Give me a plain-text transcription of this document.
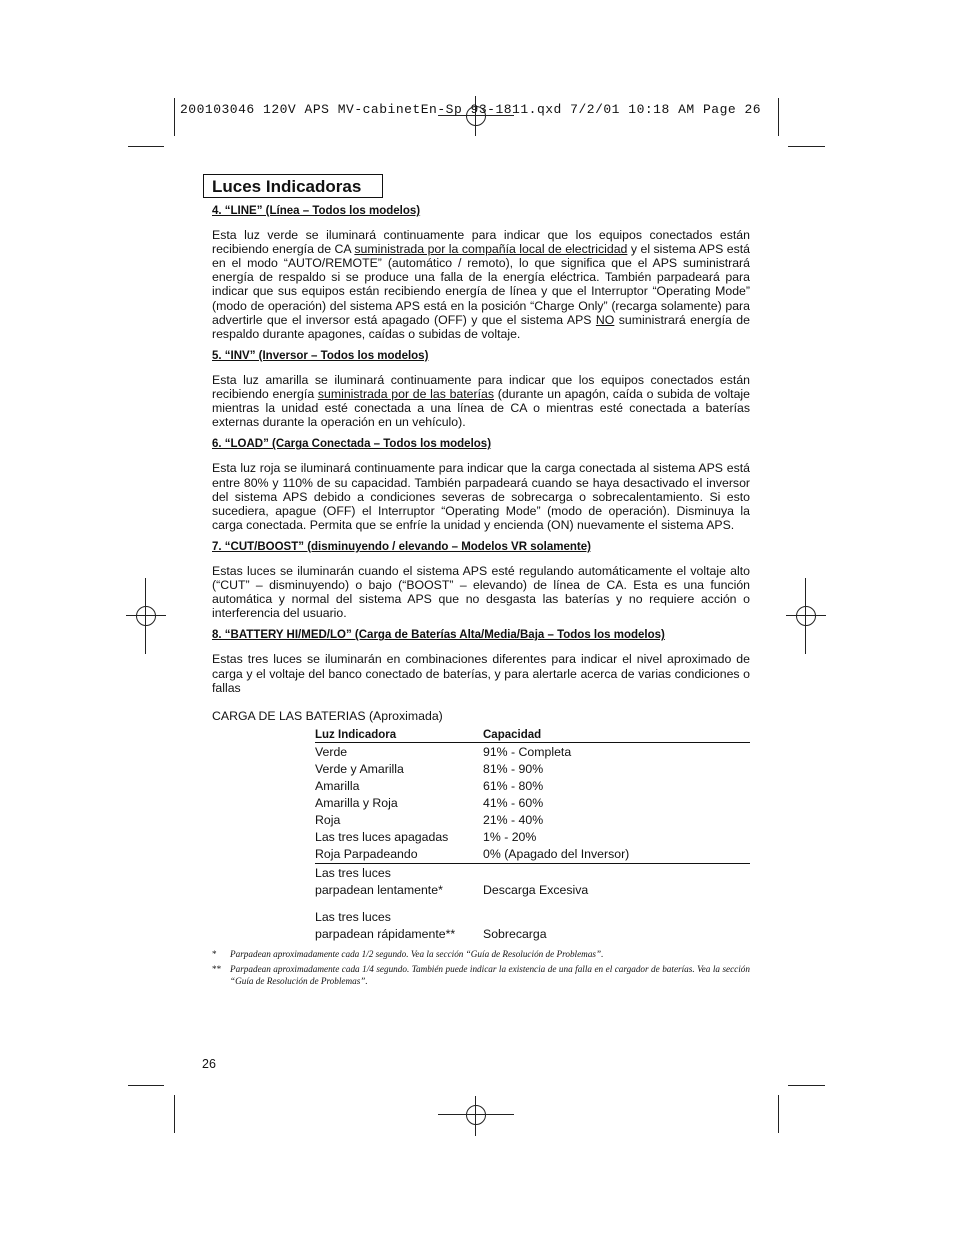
200103046 120V APS MV-cabinetEn-Sp 93-1811.qxd 7/2/01 10:18 AM Page 26
Luces Indicadoras
4. “LINE” (Línea – Todos los modelos)

Esta luz verde se iluminará continuamente para indicar que los equipos conectados están recibiendo energía de CA suministrada por la compañía local de electricidad y el sistema APS está en el modo “AUTO/REMOTE” (automático / remoto), lo que significa que el APS suministrará energía de respaldo si se produce una falla de la energía eléctrica. También parpadeará para indicar que sus equipos están recibiendo energía de línea y que el Interruptor “Operating Mode” (modo de operación) del sistema APS está en la posición “Charge Only” (recarga solamente) para advertirle que el inversor está apagado (OFF) y que el sistema APS NO suministrará energía de respaldo durante apagones, caídas o subidas de voltaje.

5. “INV” (Inversor – Todos los modelos)

Esta luz amarilla se iluminará continuamente para indicar que los equipos conectados están recibiendo energía suministrada por de las baterías (durante un apagón, caída o subida de voltaje mientras la unidad esté conectada a una línea de CA o mientras esté conectada a baterías externas durante la operación en un vehículo).

6. “LOAD” (Carga Conectada – Todos los modelos)

Esta luz roja se iluminará continuamente para indicar que la carga conectada al sistema APS está entre 80% y 110% de su capacidad. También parpadeará cuando se haya desactivado el inversor del sistema APS debido a condiciones severas de sobrecarga o sobrecalentamiento. Si esto sucediera, apague (OFF) el Interruptor “Operating Mode” (modo de operación). Disminuya la carga conectada. Permita que se enfríe la unidad y encienda (ON) nuevamente el sistema APS.

7. “CUT/BOOST” (disminuyendo / elevando – Modelos VR solamente)

Estas luces se iluminarán cuando el sistema APS esté regulando automáticamente el voltaje alto (“CUT” – disminuyendo) o bajo (“BOOST” – elevando) de línea de CA. Esta es una función automática y normal del sistema APS que no desgasta las baterías y no requiere acción o interferencia del usuario.

8. “BATTERY HI/MED/LO” (Carga de Baterías Alta/Media/Baja – Todos los modelos)

Estas tres luces se iluminarán en combinaciones diferentes para indicar el nivel aproximado de carga y el voltaje del banco conectado de baterías, y para alertarle acerca de varias condiciones o fallas

CARGA DE LAS BATERIAS (Aproximada)
Luz Indicadora	Capacidad
Verde	91% - Completa
Verde y Amarilla	81% - 90%
Amarilla	61% - 80%
Amarilla y Roja	41% - 60%
Roja	21% - 40%
Las tres luces apagadas	1% - 20%
Roja Parpadeando	0% (Apagado del Inversor)
Las tres luces
parpadean lentamente*	Descarga Excesiva

Las tres luces
parpadean rápidamente**	Sobrecarga
* Parpadean aproximadamente cada 1/2 segundo. Vea la sección “Guía de Resolución de Problemas”.
** Parpadean aproximadamente cada 1/4 segundo. También puede indicar la existencia de una falla en el cargador de baterías. Vea la sección “Guía de Resolución de Problemas”.
26
